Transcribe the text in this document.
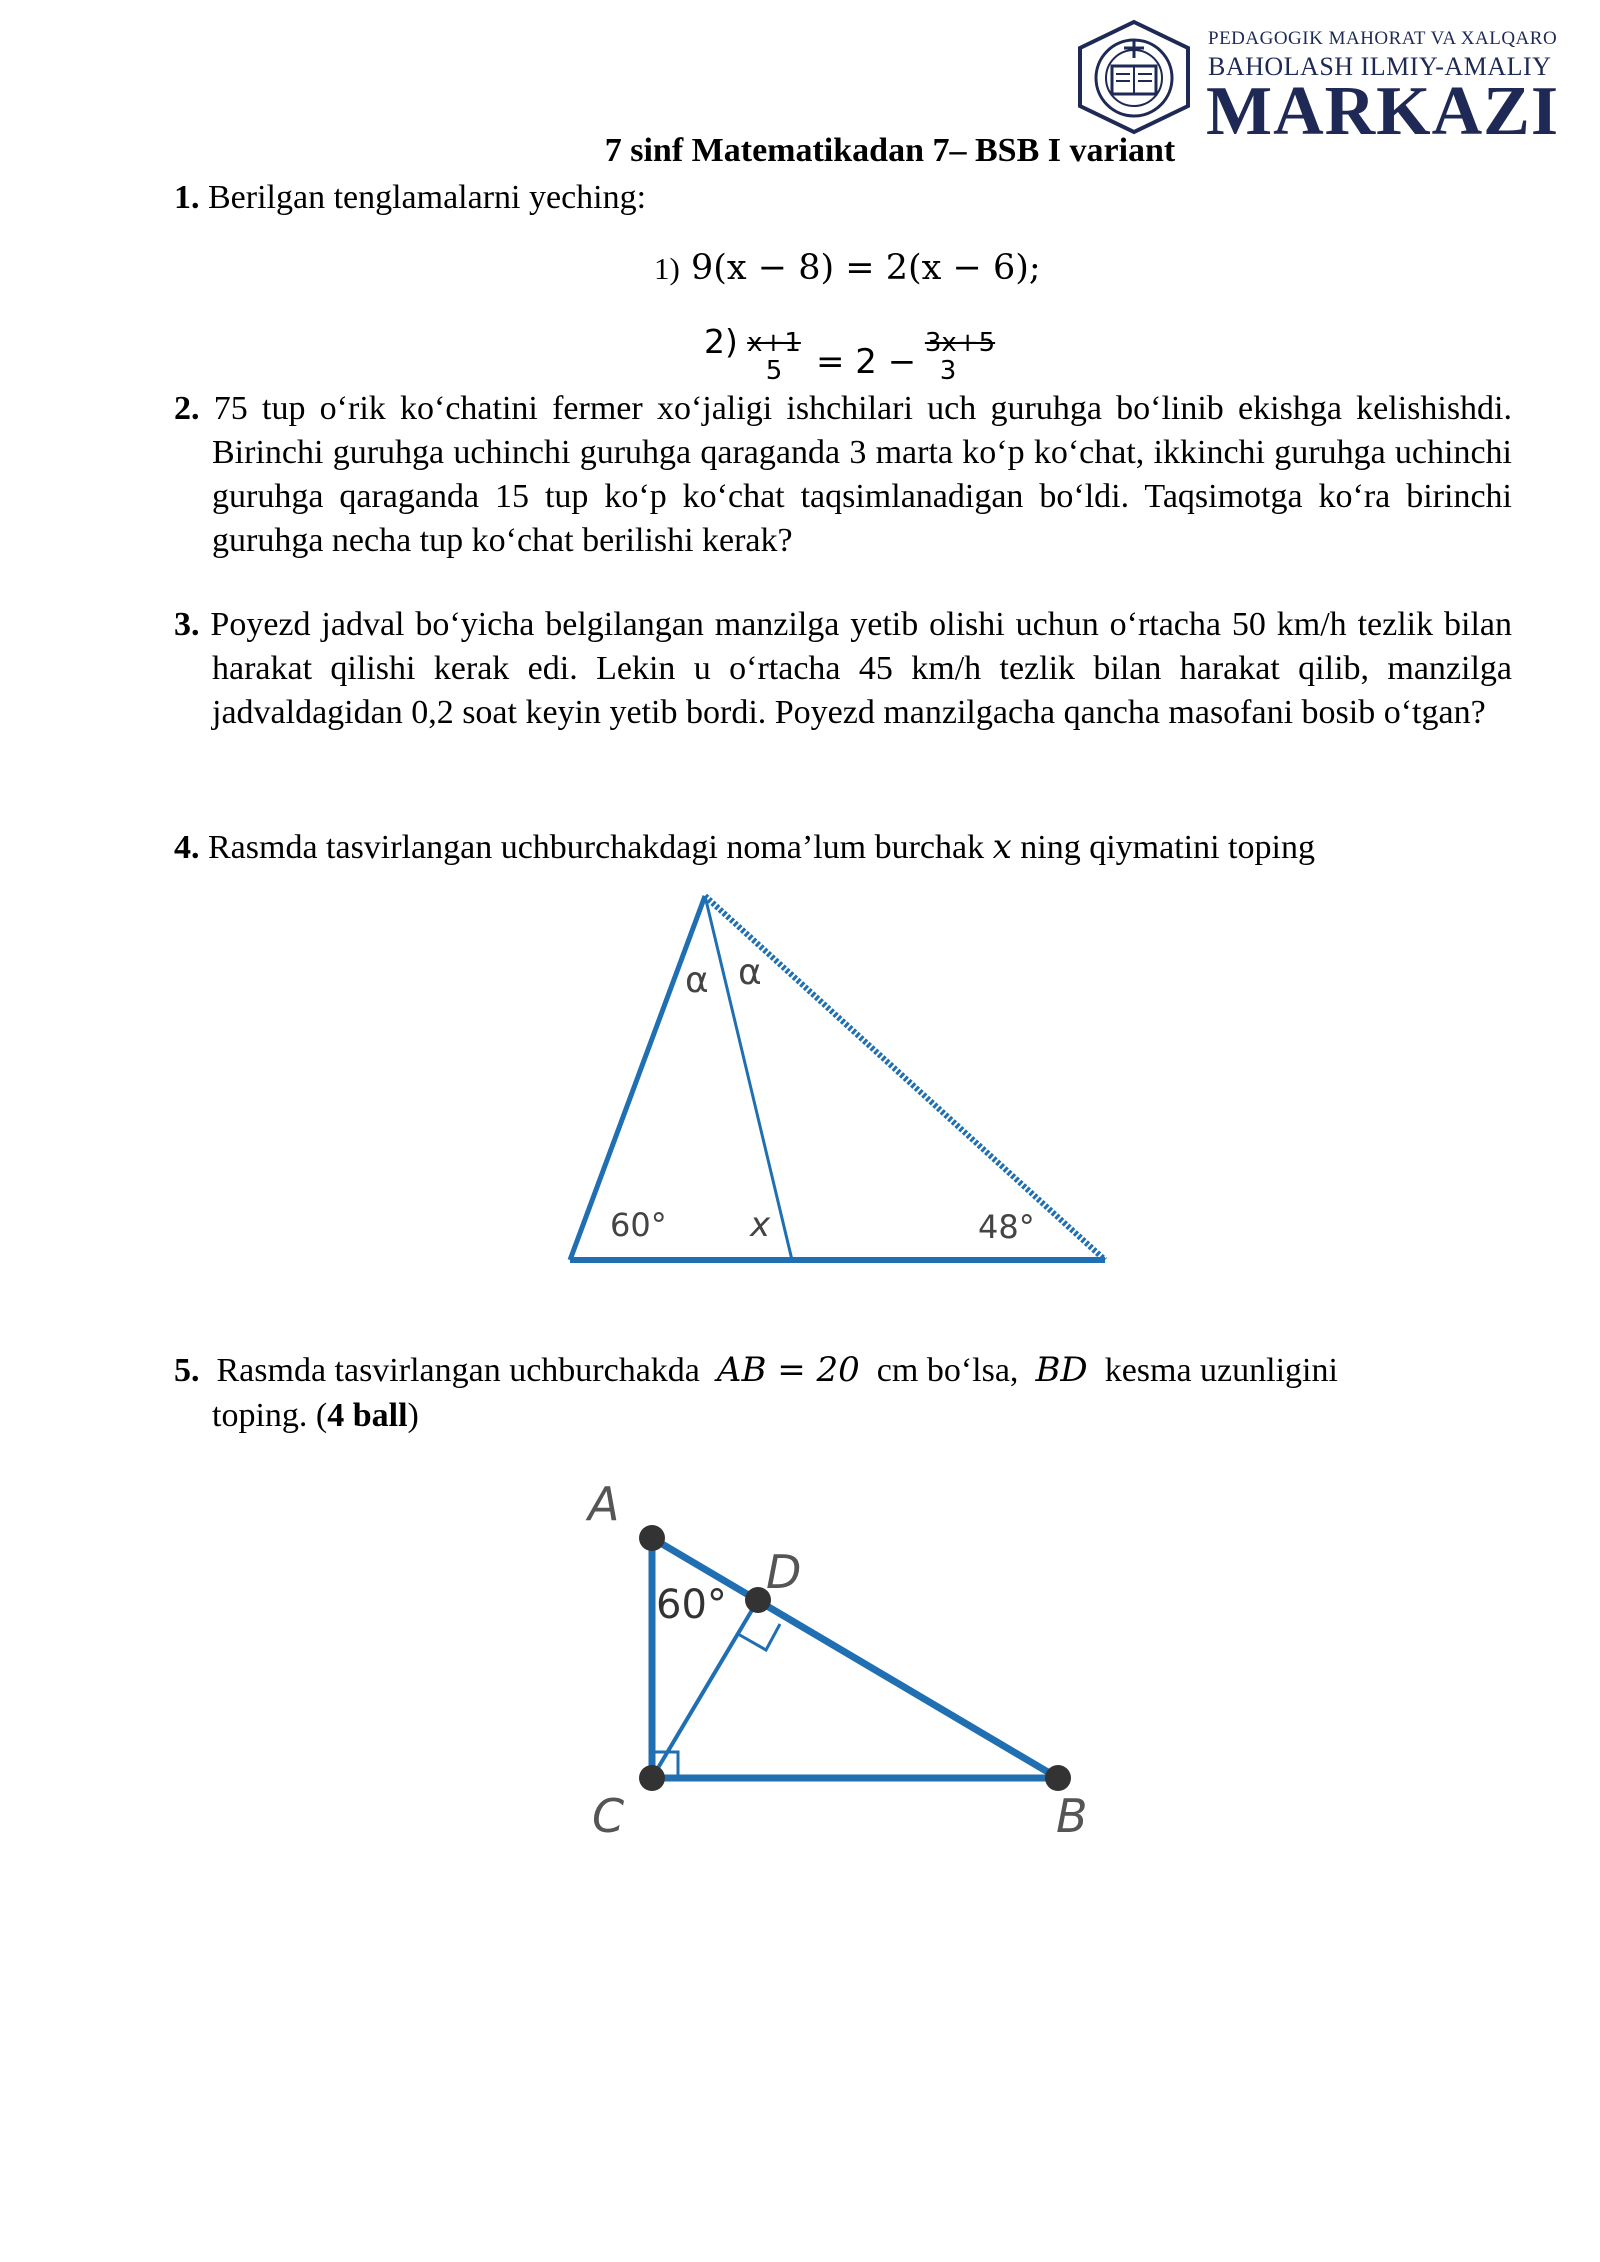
PEDAGOGIK MAHORAT VA XALQARO
BAHOLASH ILMIY-AMALIY
MARKAZI
7 sinf Matematikadan 7– BSB I variant
1. Berilgan tenglamalarni yeching:
1) 9(x − 8) = 2(x − 6);
2) x+1
5 = 2 − 3x+5
3
2. 75 tup o‘rik ko‘chatini fermer xo‘jaligi ishchilari uch guruhga bo‘linib ekishga kelishishdi. Birinchi guruhga uchinchi guruhga qaraganda 3 marta ko‘p ko‘chat, ikkinchi guruhga uchinchi guruhga qaraganda 15 tup ko‘p ko‘chat taqsimlanadigan bo‘ldi. Taqsimotga ko‘ra birinchi guruhga necha tup ko‘chat berilishi kerak?
3. Poyezd jadval bo‘yicha belgilangan manzilga yetib olishi uchun o‘rtacha 50 km/h tezlik bilan harakat qilishi kerak edi. Lekin u o‘rtacha 45 km/h tezlik bilan harakat qilib, manzilga jadvaldagidan 0,2 soat keyin yetib bordi. Poyezd manzilgacha qancha masofani bosib o‘tgan?
4. Rasmda tasvirlangan uchburchakdagi noma’lum burchak x ning qiymatini toping
α α
60° x	48°
5. Rasmda tasvirlangan uchburchakda AB = 20 cm bo‘lsa, BD kesma uzunligini
toping. (4 ball)
A
D
C	B
60°
